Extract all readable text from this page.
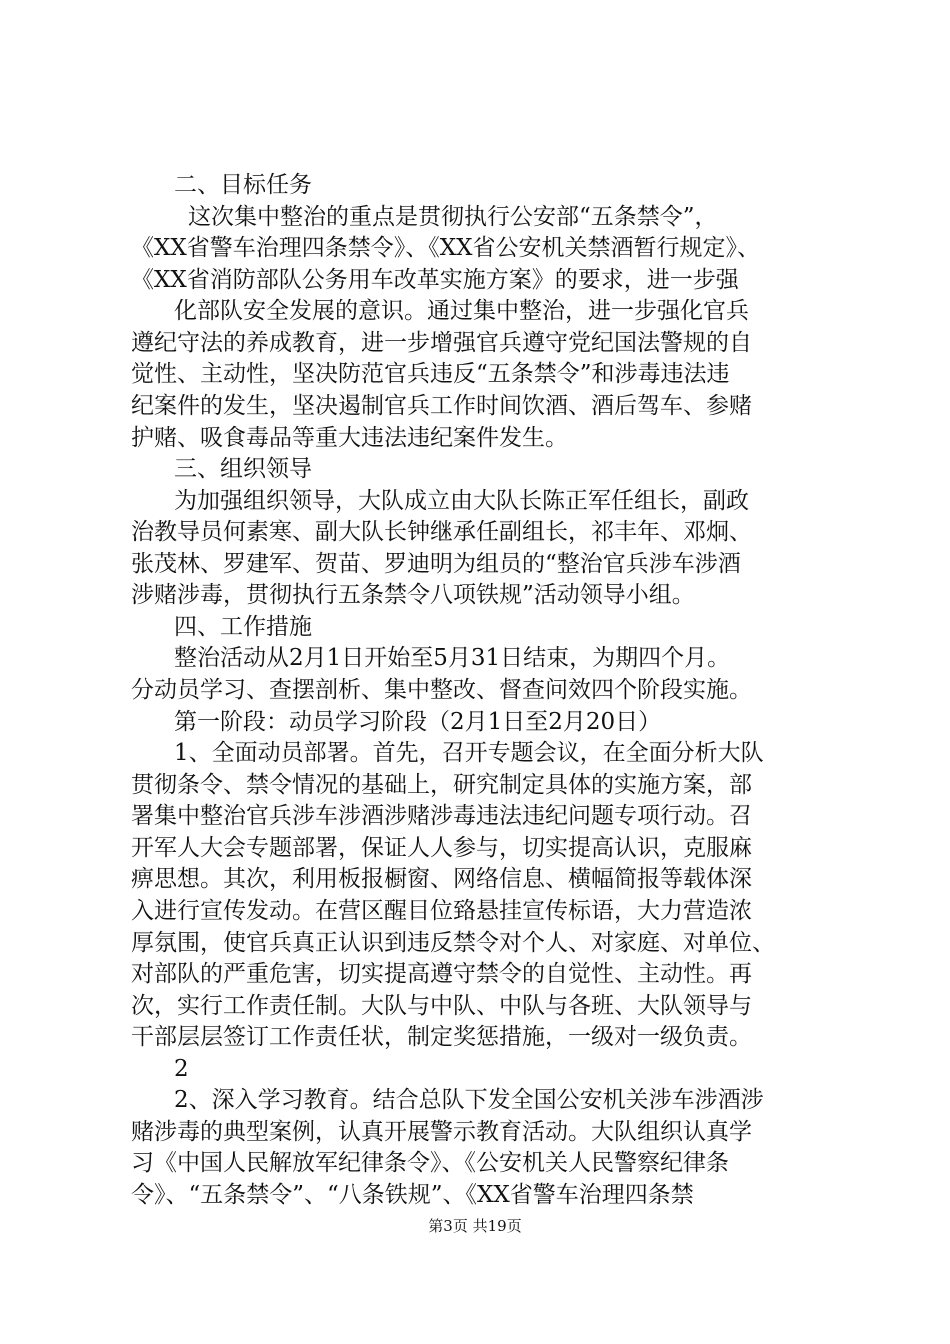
二、目标任务
这次集中整治的重点是贯彻执行公安部“五条禁令”，
《XX省警车治理四条禁令》、《XX省公安机关禁酒暂行规定》、
《XX省消防部队公务用车改革实施方案》的要求，进一步强
化部队安全发展的意识。通过集中整治，进一步强化官兵
遵纪守法的养成教育，进一步增强官兵遵守党纪国法警规的自
觉性、主动性，坚决防范官兵违反“五条禁令”和涉毒违法违
纪案件的发生，坚决遏制官兵工作时间饮酒、酒后驾车、参赌
护赌、吸食毒品等重大违法违纪案件发生。
三、组织领导
为加强组织领导，大队成立由大队长陈正军任组长，副政
治教导员何素寒、副大队长钟继承任副组长，祁丰年、邓炯、
张茂林、罗建军、贺苗、罗迪明为组员的“整治官兵涉车涉酒
涉赌涉毒，贯彻执行五条禁令八项铁规”活动领导小组。
四、工作措施
整治活动从2月1日开始至5月31日结束，为期四个月。
分动员学习、查摆剖析、集中整改、督查问效四个阶段实施。
第一阶段：动员学习阶段（2月1日至2月20日）
1、全面动员部署。首先，召开专题会议，在全面分析大队
贯彻条令、禁令情况的基础上，研究制定具体的实施方案，部
署集中整治官兵涉车涉酒涉赌涉毒违法违纪问题专项行动。召
开军人大会专题部署，保证人人参与，切实提高认识，克服麻
痹思想。其次，利用板报橱窗、网络信息、横幅简报等载体深
入进行宣传发动。在营区醒目位臵悬挂宣传标语，大力营造浓
厚氛围，使官兵真正认识到违反禁令对个人、对家庭、对单位、
对部队的严重危害，切实提高遵守禁令的自觉性、主动性。再
次，实行工作责任制。大队与中队、中队与各班、大队领导与
干部层层签订工作责任状，制定奖惩措施，一级对一级负责。
2
2、深入学习教育。结合总队下发全国公安机关涉车涉酒涉
赌涉毒的典型案例，认真开展警示教育活动。大队组织认真学
习《中国人民解放军纪律条令》、《公安机关人民警察纪律条
令》、“五条禁令”、“八条铁规”、《XX省警车治理四条禁
第3页 共19页
